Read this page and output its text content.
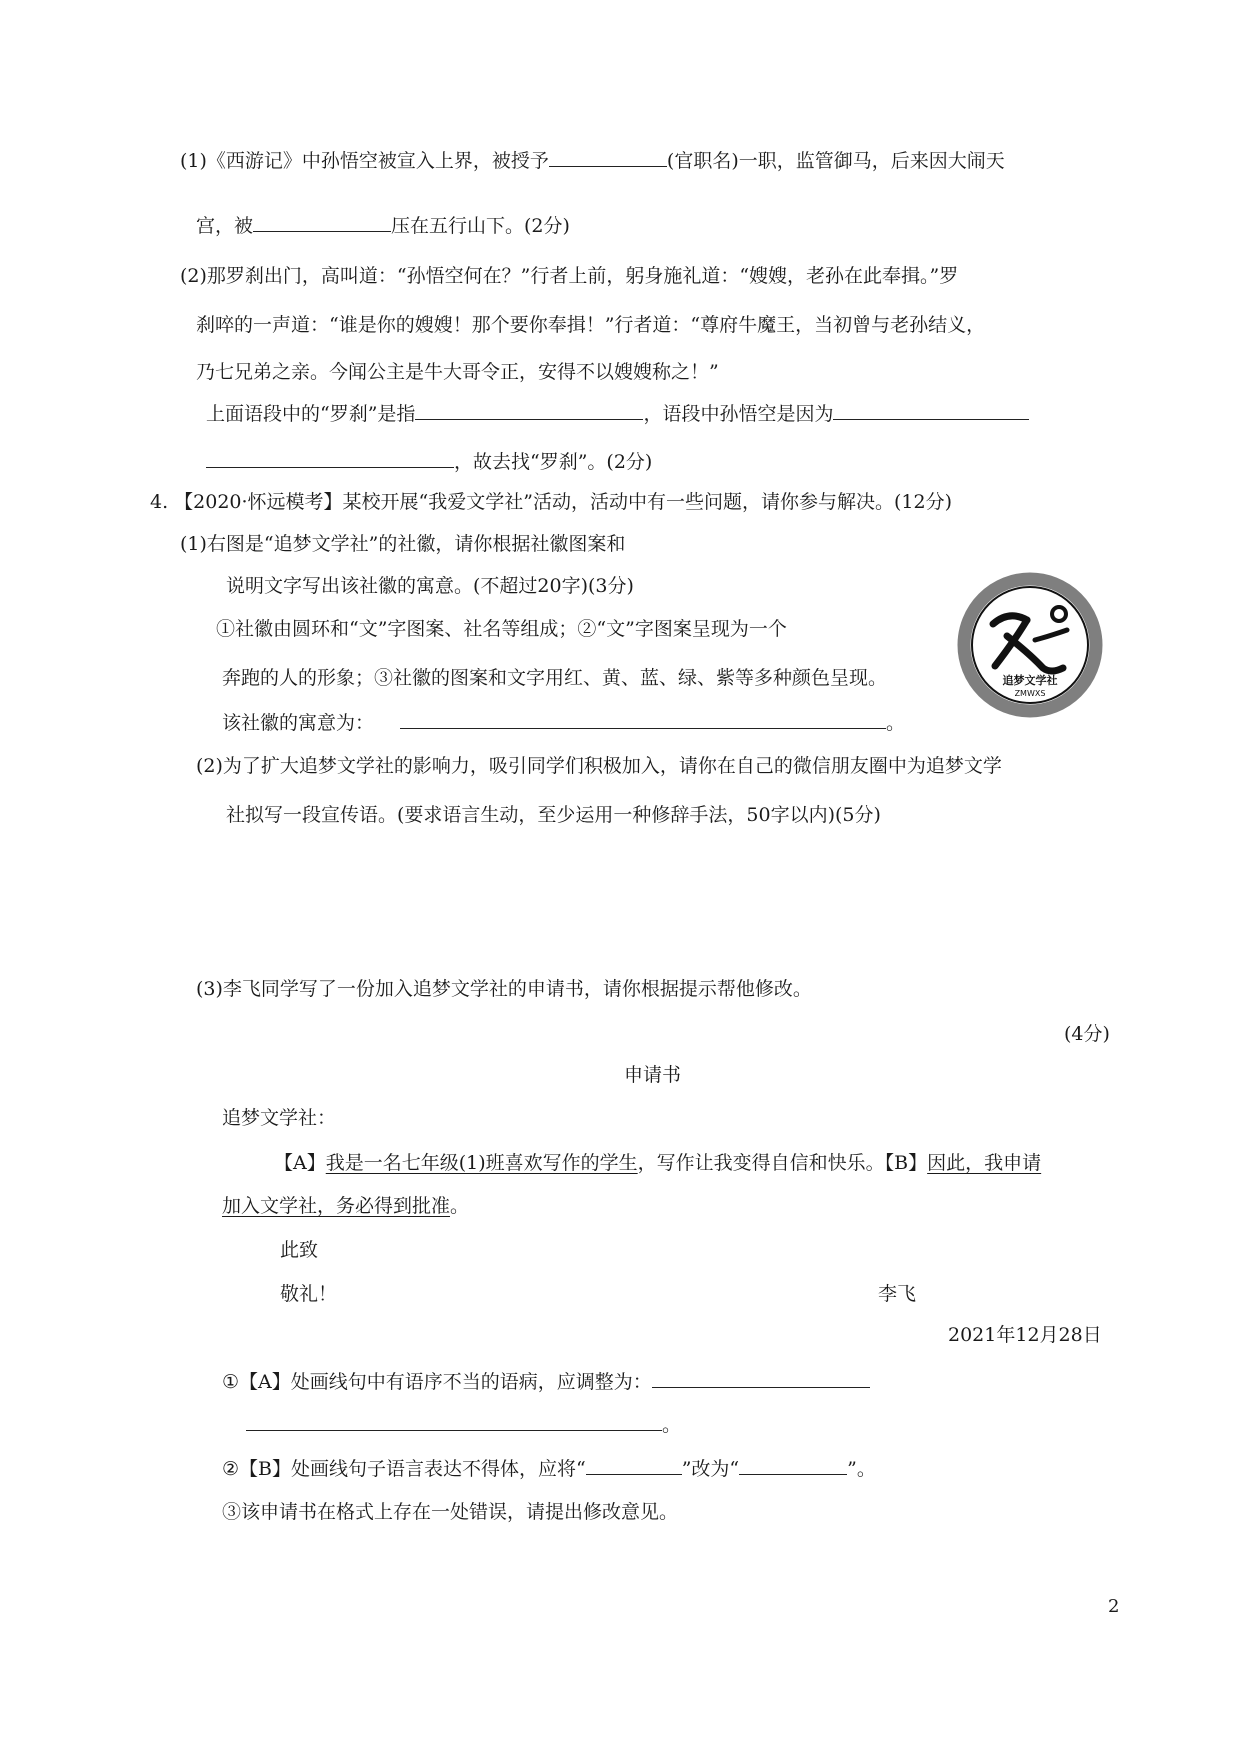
(1)《西游记》中孙悟空被宣入上界，被授予	(官职名)一职，监管御马，后来因大闹天
宫，被	压在五行山下。(2分)
(2)那罗刹出门，高叫道：“孙悟空何在？”行者上前，躬身施礼道：“嫂嫂，老孙在此奉揖。”罗
刹啐的一声道：“谁是你的嫂嫂！那个要你奉揖！”行者道：“尊府牛魔王，当初曾与老孙结义，
乃七兄弟之亲。今闻公主是牛大哥令正，安得不以嫂嫂称之！”
上面语段中的“罗刹”是指	，语段中孙悟空是因为
，故去找“罗刹”。(2分)
4. 【2020·怀远模考】某校开展“我爱文学社”活动，活动中有一些问题，请你参与解决。(12分)
(1)右图是“追梦文学社”的社徽，请你根据社徽图案和
说明文字写出该社徽的寓意。(不超过20字)(3分)
①社徽由圆环和“文”字图案、社名等组成；②“文”字图案呈现为一个
奔跑的人的形象；③社徽的图案和文字用红、黄、蓝、绿、紫等多种颜色呈现。
该社徽的寓意为：	。
追梦文学社
ZMWXS
(2)为了扩大追梦文学社的影响力，吸引同学们积极加入，请你在自己的微信朋友圈中为追梦文学
社拟写一段宣传语。(要求语言生动，至少运用一种修辞手法，50字以内)(5分)
(3)李飞同学写了一份加入追梦文学社的申请书，请你根据提示帮他修改。
(4分)
申请书
追梦文学社：
【A】我是一名七年级(1)班喜欢写作的学生，写作让我变得自信和快乐。【B】因此，我申请
加入文学社，务必得到批准。
此致
敬礼！	李飞
2021年12月28日
①【A】处画线句中有语序不当的语病，应调整为：
。
②【B】处画线句子语言表达不得体，应将“	”改为“	”。
③该申请书在格式上存在一处错误，请提出修改意见。
2
